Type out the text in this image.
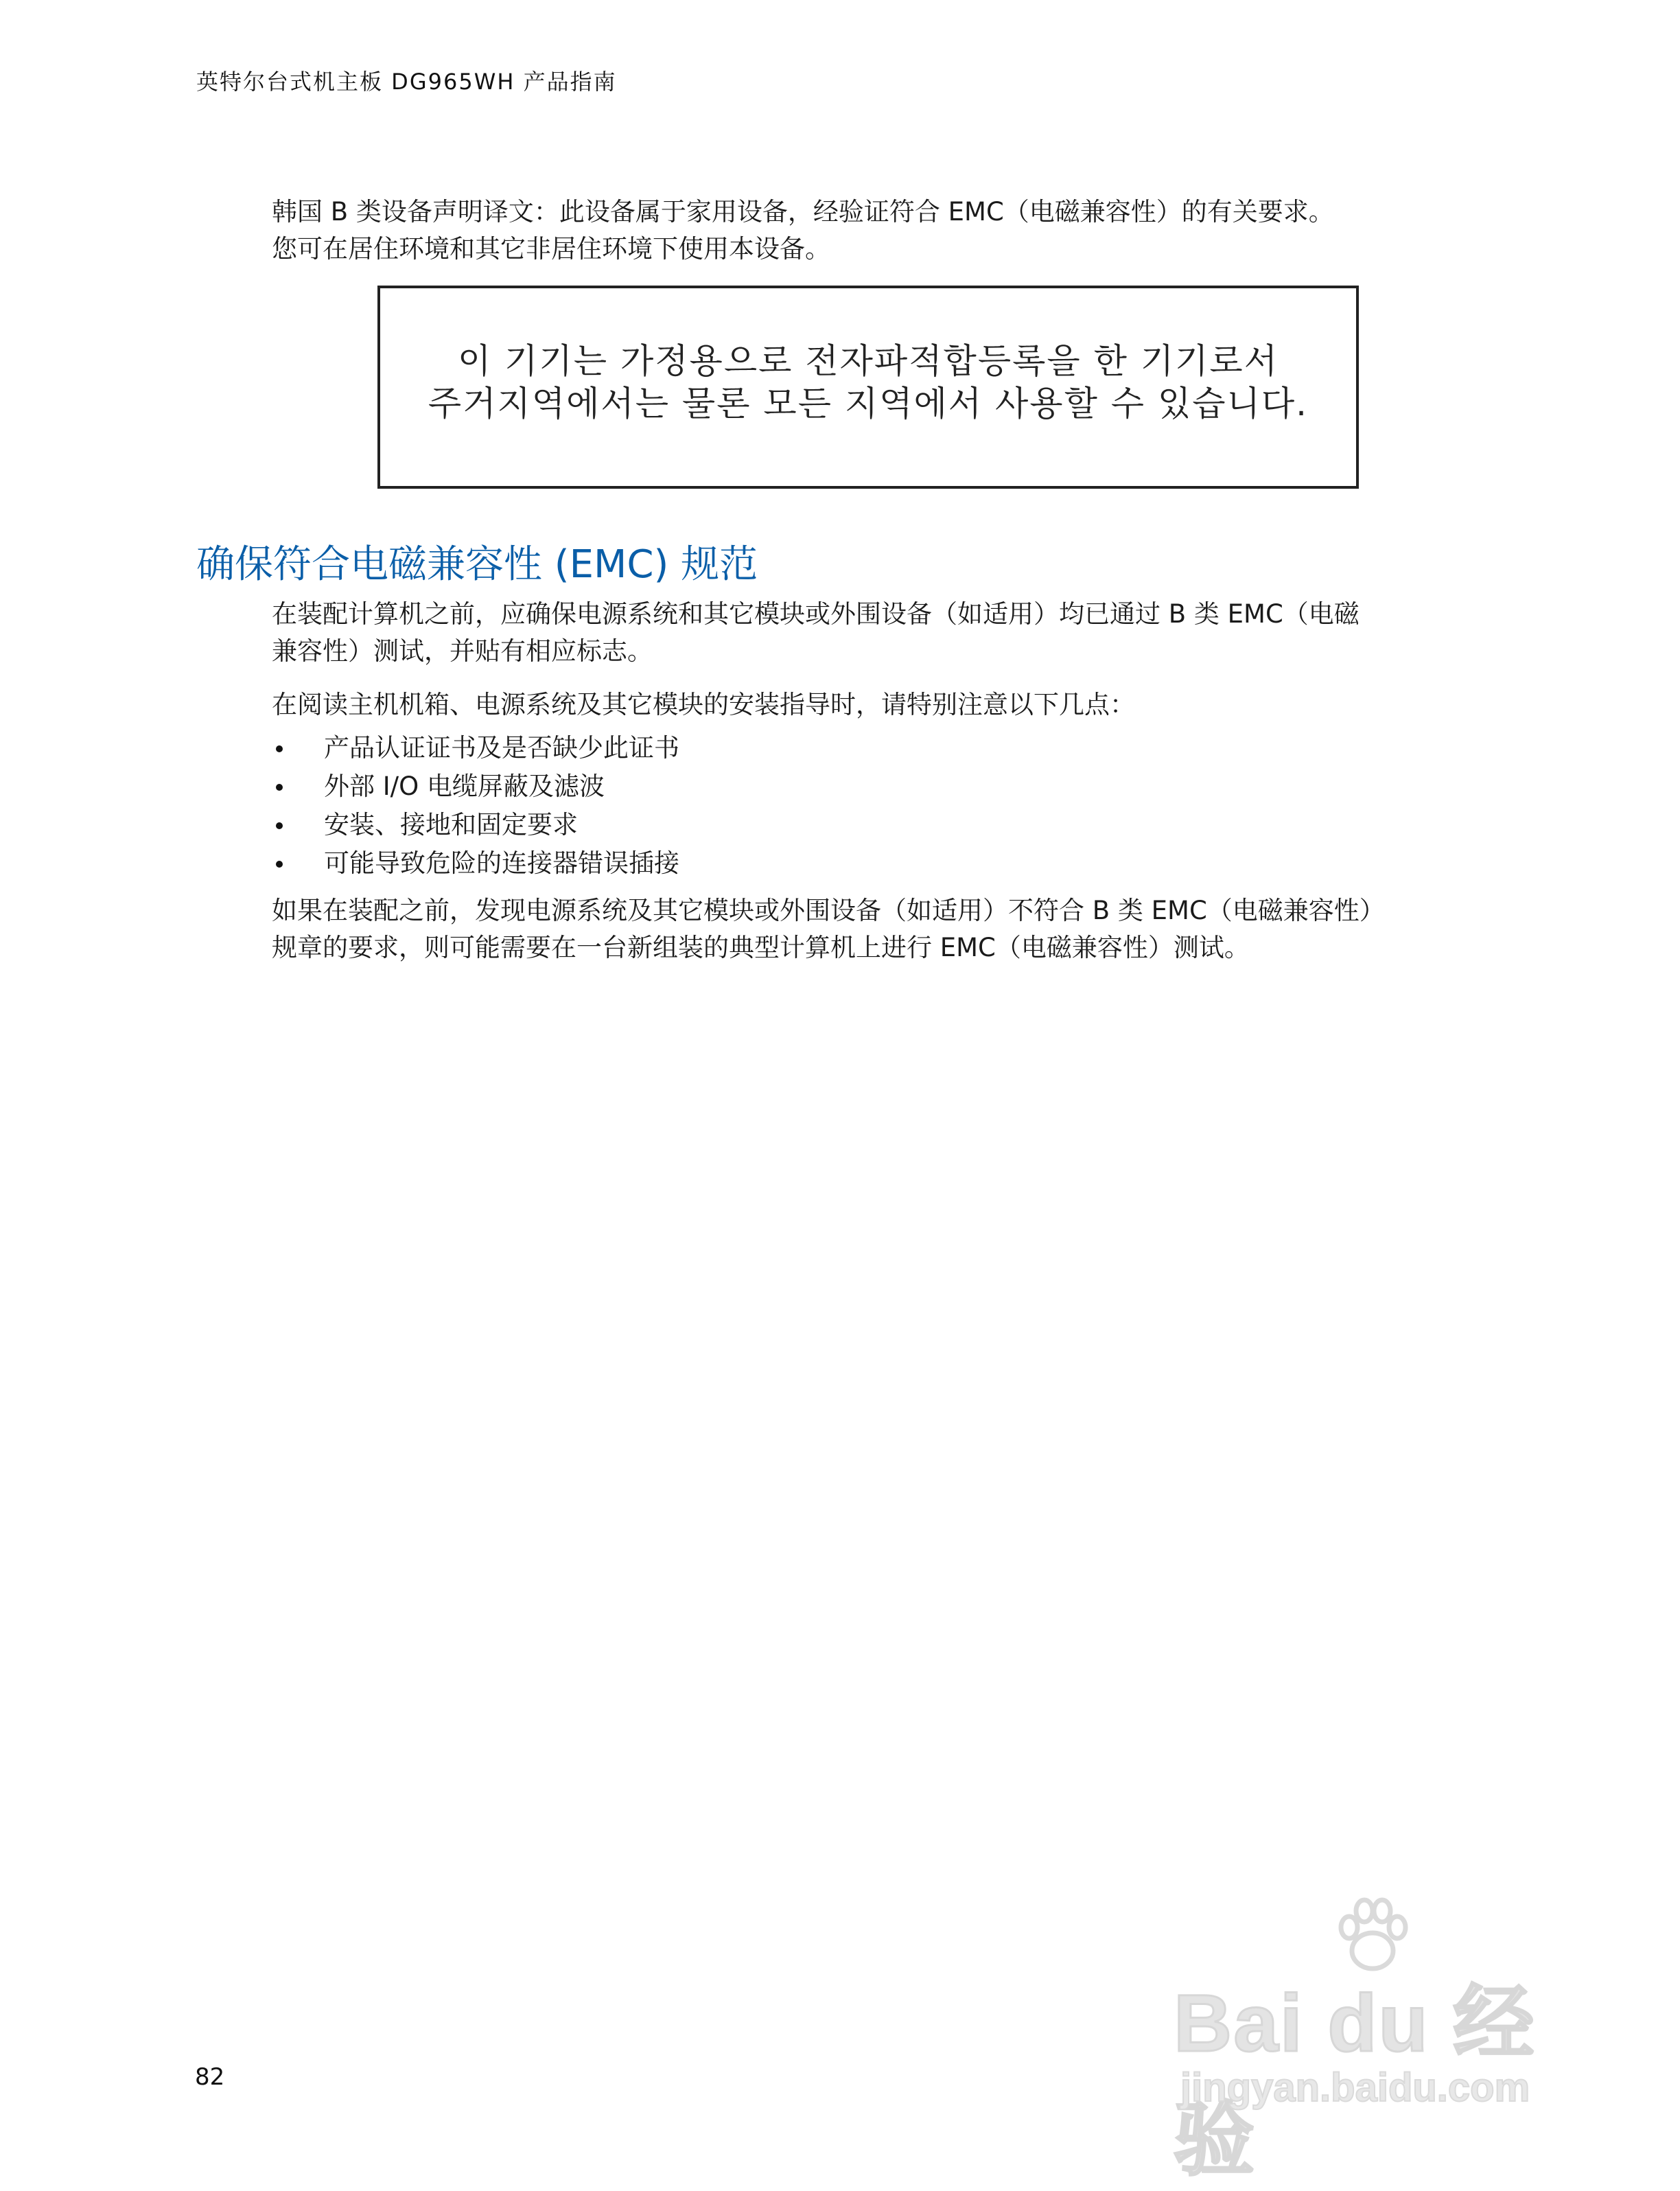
英特尔台式机主板 DG965WH 产品指南
韩国 B 类设备声明译文：此设备属于家用设备，经验证符合 EMC（电磁兼容性）的有关要求。
您可在居住环境和其它非居住环境下使用本设备。
이 기기는 가정용으로 전자파적합등록을 한 기기로서
주거지역에서는 물론 모든 지역에서 사용할 수 있습니다.
确保符合电磁兼容性 (EMC) 规范
在装配计算机之前，应确保电源系统和其它模块或外围设备（如适用）均已通过 B 类 EMC（电磁
兼容性）测试，并贴有相应标志。
在阅读主机机箱、电源系统及其它模块的安装指导时，请特别注意以下几点：
产品认证证书及是否缺少此证书
外部 I/O 电缆屏蔽及滤波
安装、接地和固定要求
可能导致危险的连接器错误插接
如果在装配之前，发现电源系统及其它模块或外围设备（如适用）不符合 B 类 EMC（电磁兼容性）
规章的要求，则可能需要在一台新组装的典型计算机上进行 EMC（电磁兼容性）测试。
82
Bai du 经验
jingyan.baidu.com
